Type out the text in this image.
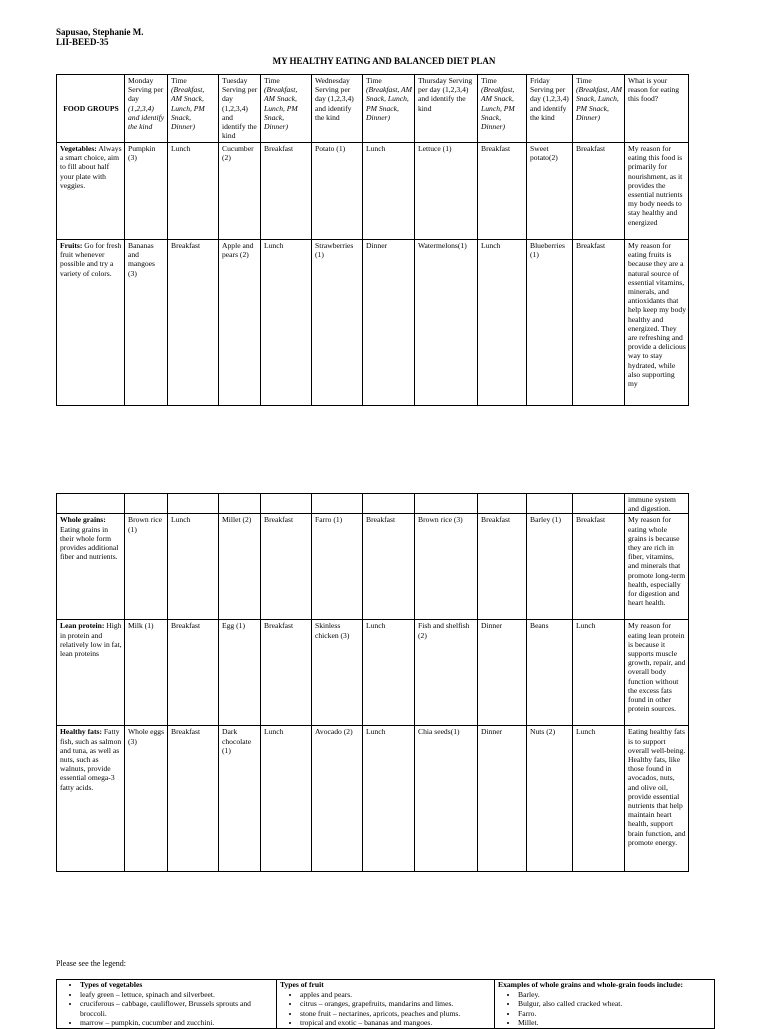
Sapusao, Stephanie M.
LII-BEED-35
MY HEALTHY EATING AND BALANCED DIET PLAN
FOOD GROUPS	Monday Serving per day (1,2,3,4) and identify the kind	Time (Breakfast, AM Snack, Lunch, PM Snack, Dinner)	Tuesday Serving per day (1,2,3,4) and identify the kind	Time (Breakfast, AM Snack, Lunch, PM Snack, Dinner)	Wednesday Serving per day (1,2,3,4) and identify the kind	Time (Breakfast, AM Snack, Lunch, PM Snack, Dinner)	Thursday Serving per day (1,2,3,4) and identify the kind	Time (Breakfast, AM Snack, Lunch, PM Snack, Dinner)	Friday Serving per day (1,2,3,4) and identify the kind	Time (Breakfast, AM Snack, Lunch, PM Snack, Dinner)	What is your reason for eating this food?
Vegetables: Always a smart choice, aim to fill about half your plate with veggies.	Pumpkin (3)	Lunch	Cucumber (2)	Breakfast	Potato (1)	Lunch	Lettuce (1)	Breakfast	Sweet potato(2)	Breakfast	My reason for eating this food is primarily for nourishment, as it provides the essential nutrients my body needs to stay healthy and energized
Fruits: Go for fresh fruit whenever possible and try a variety of colors.	Bananas and mangoes (3)	Breakfast	Apple and pears (2)	Lunch	Strawberries (1)	Dinner	Watermelons(1)	Lunch	Blueberries (1)	Breakfast	My reason for eating fruits is because they are a natural source of essential vitamins, minerals, and antioxidants that help keep my body healthy and energized. They are refreshing and provide a delicious way to stay hydrated, while also supporting my
											immune system and digestion.
Whole grains: Eating grains in their whole form provides additional fiber and nutrients.	Brown rice (1)	Lunch	Millet (2)	Breakfast	Farro (1)	Breakfast	Brown rice (3)	Breakfast	Barley (1)	Breakfast	My reason for eating whole grains is because they are rich in fiber, vitamins, and minerals that promote long-term health, especially for digestion and heart health.
Lean protein: High in protein and relatively low in fat, lean proteins	Milk (1)	Breakfast	Egg (1)	Breakfast	Skinless chicken (3)	Lunch	Fish and shelfish (2)	Dinner	Beans	Lunch	My reason for eating lean protein is because it supports muscle growth, repair, and overall body function without the excess fats found in other protein sources.
Healthy fats: Fatty fish, such as salmon and tuna, as well as nuts, such as walnuts, provide essential omega-3 fatty acids.	Whole eggs (3)	Breakfast	Dark chocolate (1)	Lunch	Avocado (2)	Lunch	Chia seeds(1)	Dinner	Nuts (2)	Lunch	Eating healthy fats is to support overall well-being. Healthy fats, like those found in avocados, nuts, and olive oil, provide essential nutrients that help maintain heart health, support brain function, and promote energy.
Please see the legend:
• Types of vegetables
• leafy green – lettuce, spinach and silverbeet.
• cruciferous – cabbage, cauliflower, Brussels sprouts and broccoli.
• marrow – pumpkin, cucumber and zucchini.
	Types of fruit
• apples and pears.
• citrus – oranges, grapefruits, mandarins and limes.
• stone fruit – nectarines, apricots, peaches and plums.
• tropical and exotic – bananas and mangoes.
	Examples of whole grains and whole-grain foods include:
• Barley.
• Bulgur, also called cracked wheat.
• Farro.
• Millet.
